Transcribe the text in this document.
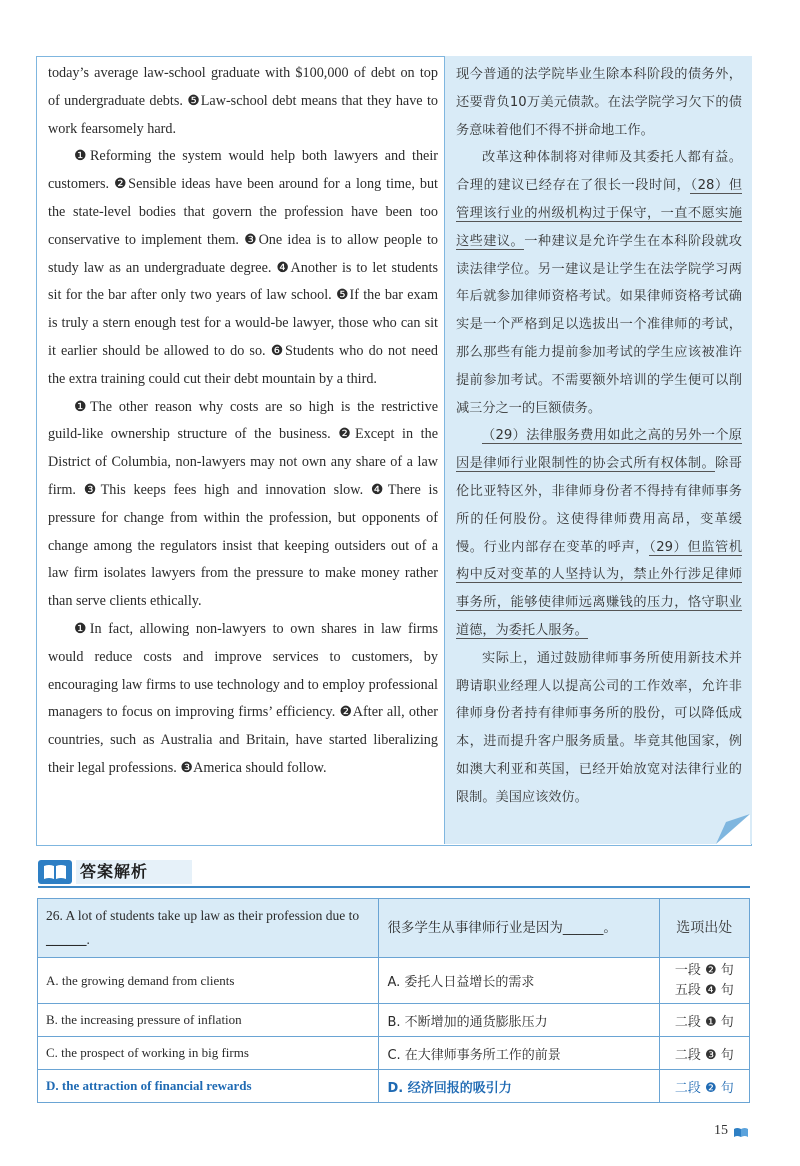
today’s average law-school graduate with $100,000 of debt on top of undergraduate debts. ❺Law-school debt means that they have to work fearsomely hard.

❶Reforming the system would help both lawyers and their customers. ❷Sensible ideas have been around for a long time, but the state-level bodies that govern the profession have been too conservative to implement them. ❸One idea is to allow people to study law as an undergraduate degree. ❹Another is to let students sit for the bar after only two years of law school. ❺If the bar exam is truly a stern enough test for a would-be lawyer, those who can sit it earlier should be allowed to do so. ❻Students who do not need the extra training could cut their debt mountain by a third.

❶The other reason why costs are so high is the restrictive guild-like ownership structure of the business. ❷Except in the District of Columbia, non-lawyers may not own any share of a law firm. ❸This keeps fees high and innovation slow. ❹There is pressure for change from within the profession, but opponents of change among the regulators insist that keeping outsiders out of a law firm isolates lawyers from the pressure to make money rather than serve clients ethically.

❶In fact, allowing non-lawyers to own shares in law firms would reduce costs and improve services to customers, by encouraging law firms to use technology and to employ professional managers to focus on improving firms’ efficiency. ❷After all, other countries, such as Australia and Britain, have started liberalizing their legal professions. ❸America should follow.

现今普通的法学院毕业生除本科阶段的债务外，还要背负10万美元债款。在法学院学习欠下的债务意味着他们不得不拼命地工作。

改革这种体制将对律师及其委托人都有益。合理的建议已经存在了很长一段时间，（28）但管理该行业的州级机构过于保守，一直不愿实施这些建议。一种建议是允许学生在本科阶段就攻读法律学位。另一建议是让学生在法学院学习两年后就参加律师资格考试。如果律师资格考试确实是一个严格到足以选拔出一个准律师的考试，那么那些有能力提前参加考试的学生应该被准许提前参加考试。不需要额外培训的学生便可以削减三分之一的巨额债务。

（29）法律服务费用如此之高的另外一个原因是律师行业限制性的协会式所有权体制。除哥伦比亚特区外，非律师身份者不得持有律师事务所的任何股份。这使得律师费用高昂，变革缓慢。行业内部存在变革的呼声，（29）但监管机构中反对变革的人坚持认为，禁止外行涉足律师事务所，能够使律师远离赚钱的压力，恪守职业道德，为委托人服务。

实际上，通过鼓励律师事务所使用新技术并聘请职业经理人以提高公司的工作效率，允许非律师身份者持有律师事务所的股份，可以降低成本，进而提升客户服务质量。毕竟其他国家，例如澳大利亚和英国，已经开始放宽对法律行业的限制。美国应该效仿。

答案解析
26. A lot of students take up law as their profession due to ______.	很多学生从事律师行业是因为______。	选项出处
A. the growing demand from clients	A. 委托人日益增长的需求	一段 ❷ 句
五段 ❹ 句

B. the increasing pressure of inflation	B. 不断增加的通货膨胀压力	二段 ❶ 句
C. the prospect of working in big firms	C. 在大律师事务所工作的前景	二段 ❸ 句
D. the attraction of financial rewards	D. 经济回报的吸引力	二段 ❷ 句
15
